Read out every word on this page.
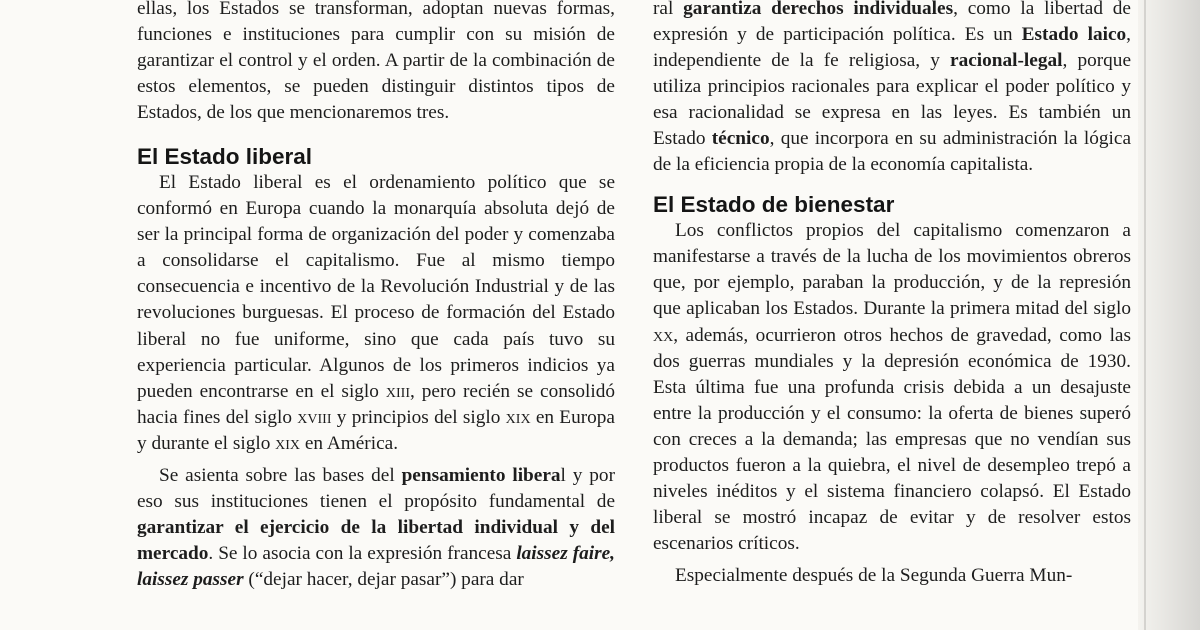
ellas, los Estados se transforman, adoptan nuevas formas, funciones e instituciones para cumplir con su misión de garantizar el control y el orden. A partir de la combinación de estos elementos, se pueden distinguir distintos tipos de Estados, de los que mencionaremos tres.

El Estado liberal

El Estado liberal es el ordenamiento político que se conformó en Europa cuando la monarquía absoluta dejó de ser la principal forma de organización del poder y comenzaba a consolidarse el capitalismo. Fue al mismo tiempo consecuencia e incentivo de la Revolución Industrial y de las revoluciones burguesas. El proceso de formación del Estado liberal no fue uniforme, sino que cada país tuvo su experiencia particular. Algunos de los primeros indicios ya pueden encontrarse en el siglo xiii, pero recién se consolidó hacia fines del siglo xviii y principios del siglo xix en Europa y durante el siglo xix en América.

Se asienta sobre las bases del pensamiento liberal y por eso sus instituciones tienen el propósito fundamental de garantizar el ejercicio de la libertad individual y del mercado. Se lo asocia con la expresión francesa laissez faire, laissez passer (“dejar hacer, dejar pasar”) para dar

ral garantiza derechos individuales, como la libertad de expresión y de participación política. Es un Estado laico, independiente de la fe religiosa, y racional-legal, porque utiliza principios racionales para explicar el poder político y esa racionalidad se expresa en las leyes. Es también un Estado técnico, que incorpora en su administración la lógica de la eficiencia propia de la economía capitalista.

El Estado de bienestar

Los conflictos propios del capitalismo comenzaron a manifestarse a través de la lucha de los movimientos obreros que, por ejemplo, paraban la producción, y de la represión que aplicaban los Estados. Durante la primera mitad del siglo xx, además, ocurrieron otros hechos de gravedad, como las dos guerras mundiales y la depresión económica de 1930. Esta última fue una profunda crisis debida a un desajuste entre la producción y el consumo: la oferta de bienes superó con creces a la demanda; las empresas que no vendían sus productos fueron a la quiebra, el nivel de desempleo trepó a niveles inéditos y el sistema financiero colapsó. El Estado liberal se mostró incapaz de evitar y de resolver estos escenarios críticos.

Especialmente después de la Segunda Guerra Mun-
